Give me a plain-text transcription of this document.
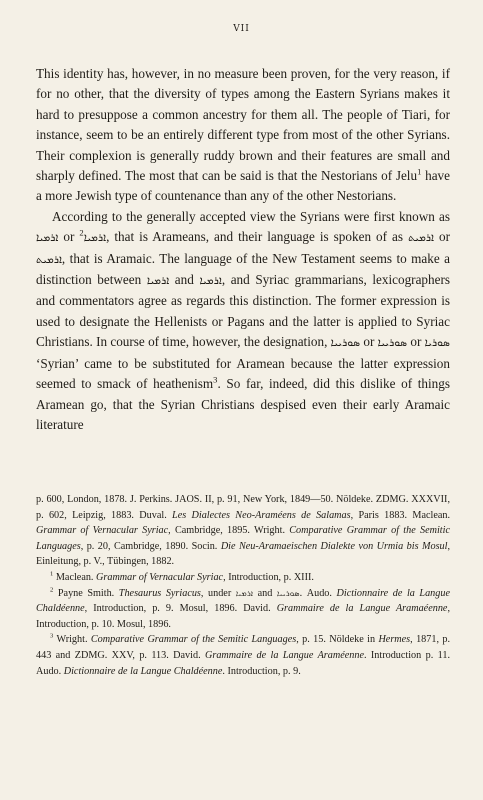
VII

This identity has, however, in no measure been proven, for the very reason, if for no other, that the diversity of types among the Eastern Syrians makes it hard to presuppose a common ancestry for them all. The people of Tiari, for instance, seem to be an entirely different type from most of the other Syrians. Their complexion is generally ruddy brown and their features are small and sharply defined. The most that can be said is that the Nestorians of Jelu$^1$ have a more Jewish type of countenance than any of the other Nestorians.

According to the generally accepted view the Syrians were first known as ܐܪܡܝܐ or ܐܪܡܝܐ$^2$ , that is Arameans, and their language is spoken of as ܐܪܡܝܬ or ܐܪܡܝܬ, that is Aramaic. The language of the New Testament seems to make a distinction between ܐܪܡܝܐ and ܐܪܡܝܐ, and Syriac grammarians, lexicographers and commentators agree as regards this distinction. The former expression is used to designate the Hellenists or Pagans and the latter is applied to Syriac Christians. In course of time, however, the designation, ܣܘܪܝܝܐ or ܣܘܪܝܝܐ or ܣܘܪܝܐ ‘Syrian’ came to be substituted for Aramean because the latter expression seemed to smack of heathenism$^3$. So far, indeed, did this dislike of things Aramean go, that the Syrian Christians despised even their early Aramaic literature

p. 600, London, 1878. J. Perkins. JAOS. II, p. 91, New York, 1849—50. Nöldeke. ZDMG. XXXVII, p. 602, Leipzig, 1883. Duval. Les Dialectes Neo-Araméens de Salamas, Paris 1883. Maclean. Grammar of Vernacular Syriac, Cambridge, 1895. Wright. Comparative Grammar of the Semitic Languages, p. 20, Cambridge, 1890. Socin. Die Neu-Aramaeischen Dialekte von Urmia bis Mosul, Einleitung, p. V., Tübingen, 1882.

$^1$ Maclean. Grammar of Vernacular Syriac, Introduction, p. XIII.

$^2$ Payne Smith. Thesaurus Syriacus, under ܐܪܡܝܐ and ܣܘܪܝܝܐ. Audo. Dictionnaire de la Langue Chaldéenne, Introduction, p. 9. Mosul, 1896. David. Grammaire de la Langue Aramaéenne, Introduction, p. 10. Mosul, 1896.

$^3$ Wright. Comparative Grammar of the Semitic Languages, p. 15. Nöldeke in Hermes, 1871, p. 443 and ZDMG. XXV, p. 113. David. Grammaire de la Langue Araméenne. Introduction p. 11. Audo. Dictionnaire de la Langue Chaldéenne. Introduction, p. 9.
